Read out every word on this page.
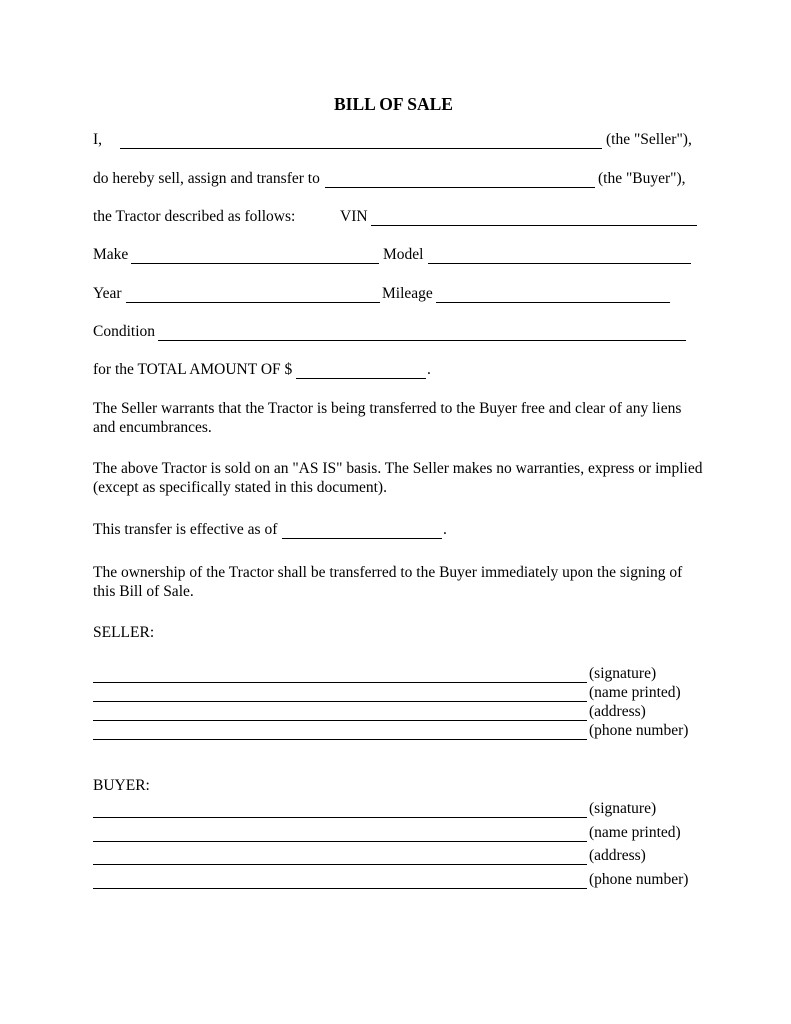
BILL OF SALE
I,	(the "Seller"),
do hereby sell, assign and transfer to	(the "Buyer"),
the Tractor described as follows:	VIN
Make	Model
Year	Mileage
Condition
for the TOTAL AMOUNT OF $	.
The Seller warrants that the Tractor is being transferred to the Buyer free and clear of any liens and encumbrances.
The above Tractor is sold on an "AS IS" basis. The Seller makes no warranties, express or implied (except as specifically stated in this document).
This transfer is effective as of	.
The ownership of the Tractor shall be transferred to the Buyer immediately upon the signing of this Bill of Sale.
SELLER:
(signature)
(name printed)
(address)
(phone number)
BUYER:
(signature)
(name printed)
(address)
(phone number)
